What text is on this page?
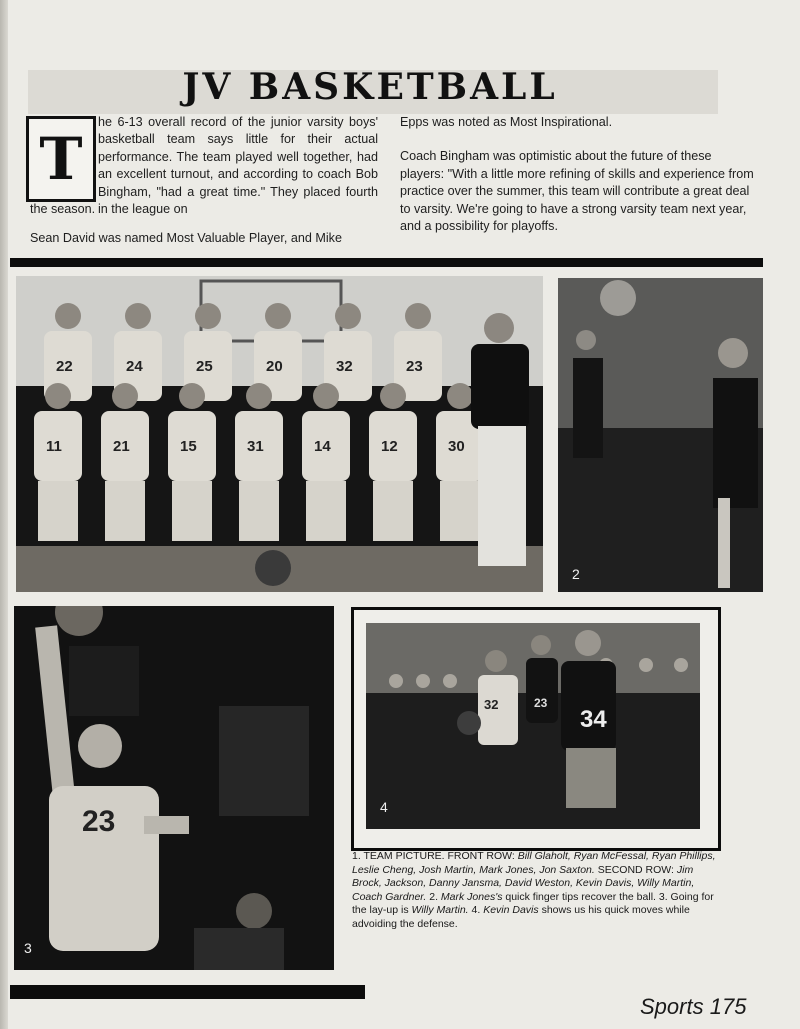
JV BASKETBALL
T
he 6-13 overall record of the junior varsity boys' basketball team says little for their actual performance. The team played well together, had an excellent turnout, and according to coach Bob Bingham, "had a great time." They placed fourth in the league on
the season.
Sean David was named Most Valuable Player, and Mike

Epps was noted as Most Inspirational.

Coach Bingham was optimistic about the future of these players: "With a little more refining of skills and experience from practice over the summer, this team will contribute a great deal to varsity. We're going to have a strong varsity team next year, and a possibility for playoffs.

22	24	25	20	32	23
11	21	15	31	14	12	30
2
23
3
32	23
34
4
1. TEAM PICTURE. FRONT ROW: Bill Glaholt, Ryan McFessal, Ryan Phillips, Leslie Cheng, Josh Martin, Mark Jones, Jon Saxton. SECOND ROW: Jim Brock, Jackson, Danny Jansma, David Weston, Kevin Davis, Willy Martin, Coach Gardner. 2. Mark Jones's quick finger tips recover the ball. 3. Going for the lay-up is Willy Martin. 4. Kevin Davis shows us his quick moves while advoiding the defense.
Sports 175
